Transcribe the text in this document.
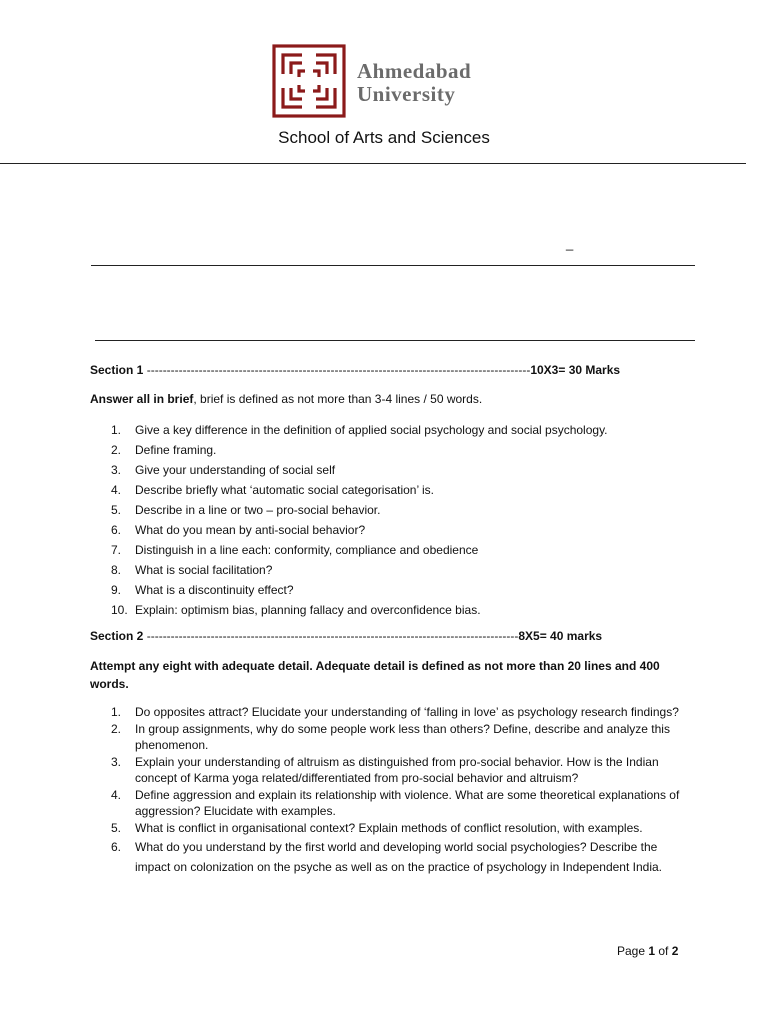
Ahmedabad
University
School of Arts and Sciences
_
Section 1 ------------------------------------------------------------------------------------------------10X3= 30 Marks
Answer all in brief, brief is defined as not more than 3-4 lines / 50 words.
1. Give a key difference in the definition of applied social psychology and social psychology.
2. Define framing.
3. Give your understanding of social self
4. Describe briefly what ‘automatic social categorisation’ is.
5. Describe in a line or two – pro-social behavior.
6. What do you mean by anti-social behavior?
7. Distinguish in a line each: conformity, compliance and obedience
8. What is social facilitation?
9. What is a discontinuity effect?
10. Explain: optimism bias, planning fallacy and overconfidence bias.
Section 2 ---------------------------------------------------------------------------------------------8X5= 40 marks
Attempt any eight with adequate detail. Adequate detail is defined as not more than 20 lines and 400 words.
1. Do opposites attract? Elucidate your understanding of ‘falling in love’ as psychology research findings?
2. In group assignments, why do some people work less than others? Define, describe and analyze this phenomenon.
3. Explain your understanding of altruism as distinguished from pro-social behavior. How is the Indian concept of Karma yoga related/differentiated from pro-social behavior and altruism?
4. Define aggression and explain its relationship with violence. What are some theoretical explanations of aggression? Elucidate with examples.
5. What is conflict in organisational context? Explain methods of conflict resolution, with examples.
6. What do you understand by the first world and developing world social psychologies? Describe the impact on colonization on the psyche as well as on the practice of psychology in Independent India.
Page 1 of 2
